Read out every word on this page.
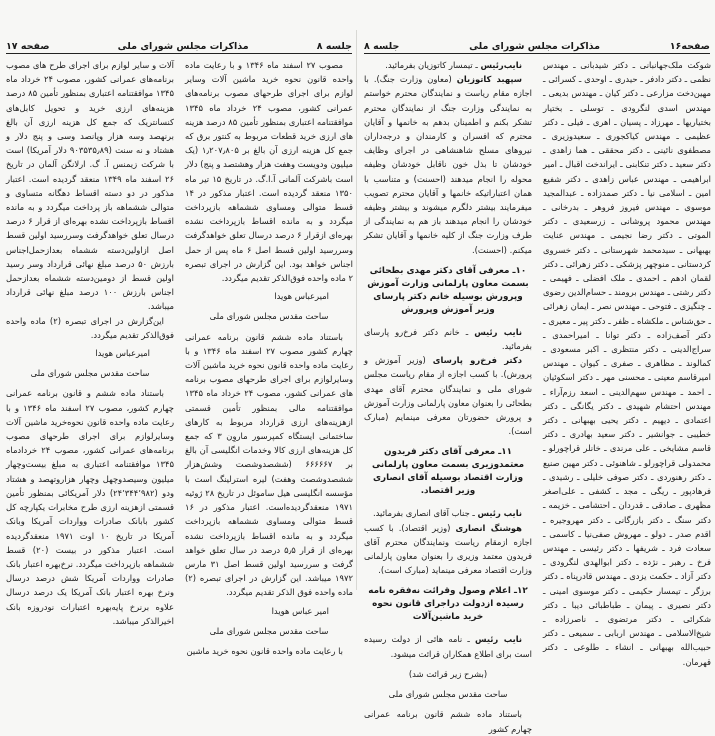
جلسه ۸
مذاکرات مجلس شورای ملی
صفحه ۱۷

مصوب ۲۷ اسفند ماه ۱۳۴۶ و با رعایت ماده واحده قانون نحوه خرید ماشین آلات وسایر لوازم برای اجرای طرحهای مصوب برنامه‌های عمرانی کشور، مصوب ۲۴ خرداد ماه ۱۳۴۵ موافقتنامه اعتباری بمنظور تأمین ۸۵ درصد هزینه های ارزی خرید قطعات مربوط به کنتور برق که جمع کل هزینه ارزی آن بالغ بر ۱٫۲۰۷٫۸۰۵ (یک میلیون ودویست وهفت هزار وهشتصد و پنج) دلار است باشرکت آلمانی آ.ا.گ. در تاریخ ۱۵ تیر ماه ۱۳۵۰ منعقد گردیده است. اعتبار مذکور در ۱۴ قسط متوالی ومساوی ششماهه بازپرداخت میگردد و به مانده اقساط بازپرداخت نشده بهره‌ای ازقرار ۶ درصد درسال تعلق خواهدگرفت وسررسید اولین قسط اصل ۶ ماه پس از حمل اجناس خواهد بود. این گزارش در اجرای تبصره ۲ ماده واحده فوق‌الذکر تقدیم میگردد.

امیرعباس هویدا

ساحت مقدس مجلس شورای ملی

باستناد ماده ششم قانون برنامه عمرانی چهارم کشور مصوب ۲۷ اسفند ماه ۱۳۴۶ و با رعایت ماده واحده قانون نحوه خرید ماشین آلات وسایرلوازم برای اجرای طرحهای مصوب برنامه های عمرانی کشور، مصوب ۲۴ خرداد ماه ۱۳۴۵ موافقتنامه مالی بمنظور تأمین قسمتی ازهزینه‌های ارزی قرارداد مربوط به کارهای ساختمانی ایستگاه کمپرسور ماروِن ۳ که جمع کل هزینه‌های ارزی کالا وخدمات انگلیسی آن بالغ بر ۶۶۶۶۶۷ (ششصدوشصت وشش‌هزار ششصدوشصت وهفت) لیره استرلینگ است با مؤسسه انگلیسی هیل ساموئل در تاریخ ۲۸ ژوئیه ۱۹۷۱ منعقدگردیده‌است. اعتبار مذکور در ۱۶ قسط متوالی ومساوی ششماهه بازپرداخت میگردد و به مانده اقساط بازپرداخت نشده بهره‌ای از قرار ۵٫۵ درصد در سال تعلق خواهد گرفت و سررسید اولین قسط اصل ۳۱ مارس ۱۹۷۲ میباشد. این گزارش در اجرای تبصره (۲) ماده واحده فوق الذکر تقدیم میگردد.

امیر عباس هویدا

ساحت مقدس مجلس شورای ملی

با رعایت ماده واحده قانون نحوه خرید ماشین

آلات و سایر لوازم برای اجرای طرح های مصوب برنامه‌های عمرانی کشور، مصوب ۲۴ خرداد ماه ۱۳۴۵ موافقتنامه اعتباری بمنظور تأمین ۸۵ درصد هزینه‌های ارزی خرید و تحویل کابل‌های کنسانتریک که جمع کل هزینه ارزی آن بالغ برنهصد وسه هزار وپانصد وسی و پنج دلار و هشتاد و نه سنت (۹۰۳۵۳۵٫۸۹ دلار آمریکا) است با شرکت زیمنس آ. گ. ارلانگن آلمان در تاریخ ۲۶ اسفند ماه ۱۳۴۹ منعقد گردیده است. اعتبار مذکور در دو دسته اقساط دهگانه متساوی و متوالی ششماهه باز پرداخت میگردد و به مانده اقساط بازپرداخت نشده بهره‌ای از قرار ۶ درصد درسال تعلق خواهدگرفت وسررسید اولین قسط اصل ازاولین‌دسته ششماه بعدازحمل‌اجناس بارزش ۵۰ درصد مبلغ نهائی قرارداد وسر رسید اولین قسط از دومین‌دسته ششماه بعدازحمل اجناس بارزش ۱۰۰ درصد مبلغ نهائی قرارداد میباشد.

این‌گزارش در اجرای تبصره (۲) ماده واحده فوق‌الذکر تقدیم میگردد.

امیرعباس هویدا

ساحت مقدس مجلس شورای ملی

باستناد ماده ششم و قانون برنامه عمرانی چهارم کشور، مصوب ۲۷ اسفند ماه ۱۳۴۶ و با رعایت ماده واحده قانون نحوه‌خرید ماشین آلات وسایرلوازم برای اجرای طرحهای مصوب برنامه‌های عمرانی کشور، مصوب ۲۴ خردادماه ۱۳۴۵ موافقتنامه اعتباری به مبلغ بیست‌وچهار میلیون وسیصدوچهل وچهار هزاروتهصد و هشتاد ودو (۲۴٬۳۴۴٬۹۸۲) دلار آمریکائی بمنظور تأمین قسمتی ازهزینه ارزی طرح مخابرات یکپارچه کل کشور بابانک صادرات وواردات آمریکا وبانک آمریکا در تاریخ ۱۰ اوت ۱۹۷۱ منعقدگردیده است. اعتبار مذکور در بیست (۲۰) قسط ششماهه بازپرداخت میگردد. نرخ‌بهره اعتبار بانک صادرات وواردات آمریکا شش درصد درسال ونرخ بهره اعتبار بانک آمریکا یک درصد درسال علاوه برنرخ پایه‌بهره اعتبارات نودروزه بانک اخیرالذکر میباشد.

صفحه۱۶
مذاکرات مجلس شورای ملی
جلسه ۸

شوکت ملک‌جهانبانی ـ دکتر شیدبانی ـ مهندس نظمی ـ دکتر دادفر ـ حیدری ـ اوحدی ـ کسرائی ـ مهین‌دخت مزارعی ـ دکتر کیان ـ مهندس بدیعی ـ مهندس اسدی لنگرودی ـ توسلی ـ بختیار بختیاریها ـ مهرزاد ـ پسیان ـ اهری ـ فیلی ـ دکتر عظیمی ـ مهندس کیاکجوری ـ سعیدوزیری ـ مصطفوی نائینی ـ دکتر محققی ـ هما زاهدی ـ دکتر سعید ـ دکتر تنکابنی ـ ایراندخت اقبال ـ امیر ابراهیمی ـ مهندس عباس زاهدی ـ دکتر شفیع امین ـ اسلامی نیا ـ دکتر صمدزاده ـ عبدالمجید موسوی ـ مهندس فیروز فروهر ـ بدرخانی ـ مهندس محمود پروشانی ـ زرسعیدی ـ دکتر الموتی ـ دکتر رضا نجیمی ـ مهندس عنایت بهبهانی ـ سیدمحمد شهرستانی ـ دکتر خسروی کردستانی ـ منوچهر پزشکی ـ دکتر زهرائی ـ دکتر لقمان ادهم ـ احمدی ـ ملک افضلی ـ فهیمی ـ دکتر رشتی ـ مهندس برومند ـ حسام‌الدین رضوی ـ چنگیزی ـ فتوحی ـ مهندس نصر ـ ایمان زهرائی ـ حق‌شناس ـ ملکشاه ـ ظفر ـ دکتر پیر ـ معیری ـ دکتر آصف‌زاده ـ دکتر توانا ـ امیراحمدی ـ سراج‌الدینی ـ دکتر منتظری ـ اکبر مسعودی ـ کمالوند ـ مظاهری ـ صفری ـ کیوان ـ مهندس امیرقاسم معینی ـ محسنی مهر ـ دکتر اسکوئیان ـ احمد ـ مهندس سهم‌الدینی ـ اسعد رزم‌آراء ـ مهندس احتشام شهیدی ـ دکتر یگانگی ـ دکتر اعتمادی ـ دیهیم ـ دکتر یحیی بهبهانی ـ دکتر خطیبی ـ جوانشیر ـ دکتر سعید بهادری ـ دکتر قاسم مشایخی ـ علی مرندی ـ خانلر قراچورلو ـ محمدولی قراچورلو ـ شاهنوئی ـ دکتر مهین صنیع ـ دکتر رهنوردی ـ دکتر صوفی خلیلی ـ رشیدی ـ فرهادپور ـ ریگی ـ مجد ـ کشفی ـ علی‌اصغر مظهری ـ صادقی ـ قدردان ـ احتشامی ـ خزیمه ـ دکتر سنگ ـ دکتر بازرگانی ـ دکتر مهروجیره ـ اقدم صدر ـ دولو ـ مهروش صفی‌نیا ـ کاسمی ـ سعادت فرد ـ شریفها ـ دکتر رئیسی ـ مهندس فرخ ـ رهبر ـ نژده ـ دکتر ابوالهدی لنگرودی ـ دکتر آزاد ـ حکمت یزدی ـ مهندس قادرپناه ـ دکتر برزگر ـ تیمسار حکیمی ـ دکتر موسوی امینی ـ دکتر نصیری ـ پیمان ـ طباطبائی دیبا ـ دکتر شکرائی ـ دکتر مرتضوی ـ ناصرزاده ـ شیخ‌الاسلامی ـ مهندس اربابی ـ سمیعی ـ دکتر حبیب‌الله بهبهانی ـ انشاء ـ طلوعی ـ دکتر قهرمان.

نایب‌رئیس ـ تیمسار کاتوزیان بفرمائید.

سپهبد کاتوزیان (معاون وزارت جنگ). با اجازه مقام ریاست و نمایندگان محترم خواستم به نمایندگی وزارت جنگ از نمایندگان محترم تشکر بکنم و اطمینان بدهم به خانمها و آقایان محترم که افسران و کارمندان و درجه‌داران نیروهای مسلح شاهنشاهی در اجرای وظایف خودشان تا بذل خون ناقابل خودشان وظیفه محوله را انجام میدهند (احسنت) و متناسب با همان اعتباراتیکه خانمها و آقایان محترم تصویب میفرمایند بیشتر دلگرم میشوند و بیشتر وظیفه خودشان را انجام میدهند باز هم به نمایندگی از طرف وزارت جنگ از کلیه خانمها و آقایان تشکر میکنم. (احسنت).

۱۰ـ معرفی آقای دکتر مهدی بطحائی بسمت معاون پارلمانی وزارت آموزش وپرورش بوسیله خانم دکتر پارسای وزیر آموزش وپرورش

نایب رئیس ـ خانم دکتر فرخ‌رو پارسای بفرمائید.

دکتر فرخ‌رو پارسای (وزیر آموزش و پرورش). با کسب اجازه از مقام ریاست مجلس شورای ملی و نمایندگان محترم آقای مهدی بطحائی را بعنوان معاون پارلمانی وزارت آموزش و پرورش حضورتان معرفی مینمایم (مبارک است).

۱۱ـ معرفی آقای دکتر فریدون معتمدوزیری بسمت معاون پارلمانی وزارت اقتصاد بوسیله آقای انصاری وزیر اقتصاد.

نایب رئیس ـ جناب آقای انصاری بفرمائید.

هوشنگ انصاری (وزیر اقتصاد). با کسب اجازه ازمقام ریاست ونمایندگان محترم آقای فریدون معتمد وزیری را بعنوان معاون پارلمانی وزارت اقتصاد معرفی مینماید (مبارک است).

۱۲ـ اعلام وصول وقرائت نه‌فقره نامه رسیده ازدولت دراجرای قانون نحوه خرید ماشین‌آلات

نایب رئیس ـ نامه هائی از دولت رسیده است برای اطلاع همکاران قرائت میشود.

(بشرح زیر قرائت شد)

ساحت مقدس مجلس شورای ملی

باستناد ماده ششم قانون برنامه عمرانی چهارم کشور
